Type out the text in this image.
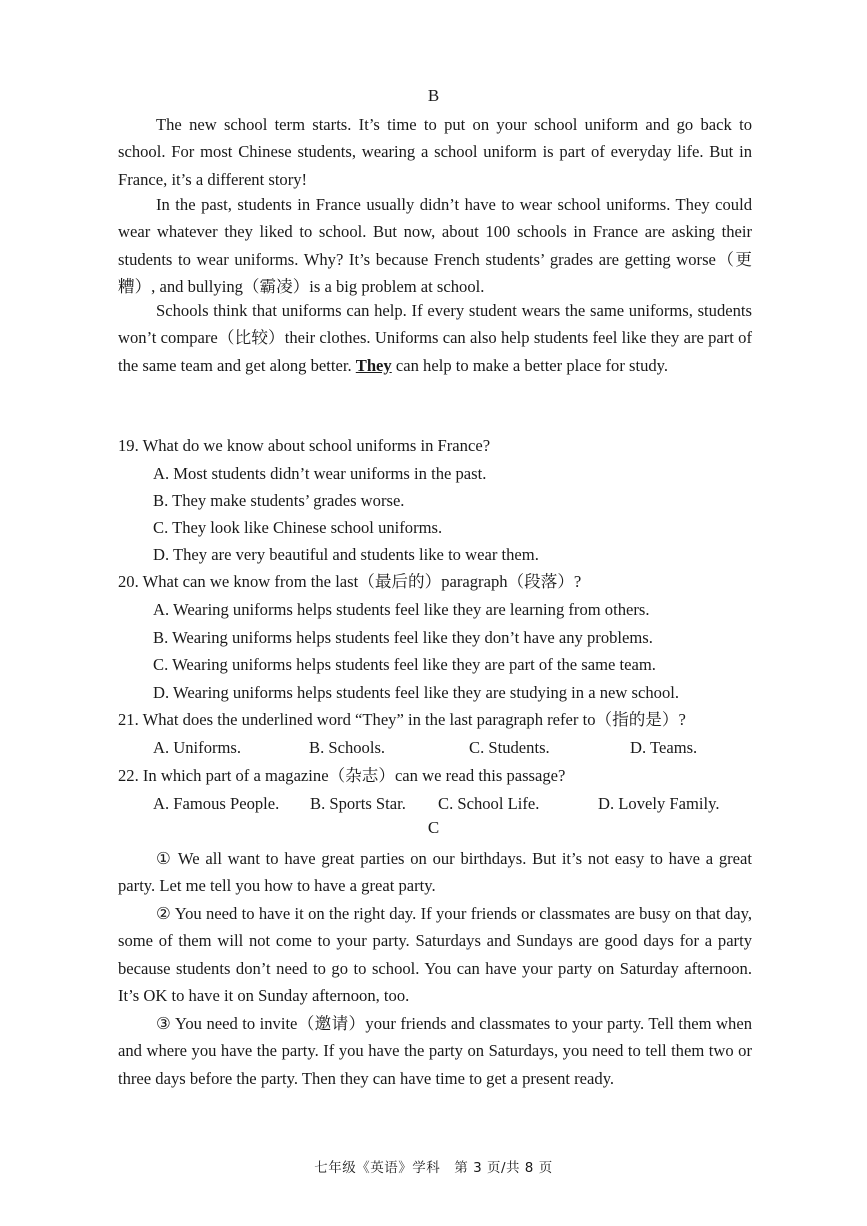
B

The new school term starts. It’s time to put on your school uniform and go back to school. For most Chinese students, wearing a school uniform is part of everyday life. But in France, it’s a different story!

In the past, students in France usually didn’t have to wear school uniforms. They could wear whatever they liked to school. But now, about 100 schools in France are asking their students to wear uniforms. Why? It’s because French students’ grades are getting worse（更糟）, and bullying（霸凌）is a big problem at school.

Schools think that uniforms can help. If every student wears the same uniforms, students won’t compare（比较）their clothes. Uniforms can also help students feel like they are part of the same team and get along better. They can help to make a better place for study.

19. What do we know about school uniforms in France?
A. Most students didn’t wear uniforms in the past.
B. They make students’ grades worse.
C. They look like Chinese school uniforms.
D. They are very beautiful and students like to wear them.
20. What can we know from the last（最后的）paragraph（段落）?
A. Wearing uniforms helps students feel like they are learning from others.
B. Wearing uniforms helps students feel like they don’t have any problems.
C. Wearing uniforms helps students feel like they are part of the same team.
D. Wearing uniforms helps students feel like they are studying in a new school.
21. What does the underlined word “They” in the last paragraph refer to（指的是）?
A. Uniforms.	B. Schools.	C. Students.	D. Teams.
22. In which part of a magazine（杂志）can we read this passage?
A. Famous People. B. Sports Star. C. School Life.	D. Lovely Family.
C

① We all want to have great parties on our birthdays. But it’s not easy to have a great party. Let me tell you how to have a great party.

② You need to have it on the right day. If your friends or classmates are busy on that day, some of them will not come to your party. Saturdays and Sundays are good days for a party because students don’t need to go to school. You can have your party on Saturday afternoon. It’s OK to have it on Sunday afternoon, too.

③ You need to invite（邀请）your friends and classmates to your party. Tell them when and where you have the party. If you have the party on Saturdays, you need to tell them two or three days before the party. Then they can have time to get a present ready.

七年级《英语》学科　第 3 页/共 8 页
